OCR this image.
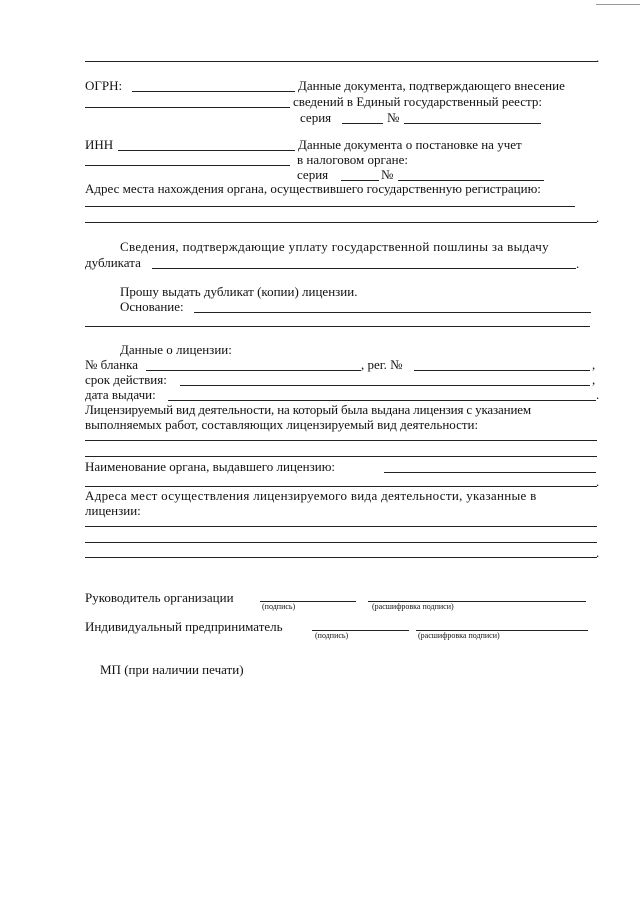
.
ОГРН:	Данные документа, подтверждающего внесение
сведений в Единый государственный реестр:
серия	№
ИНН	Данные документа о постановке на учет
в налоговом органе:
серия	№
Адрес места нахождения органа, осуществившего государственную регистрацию:
.
Сведения, подтверждающие уплату государственной пошлины за выдачу
дубликата	.
Прошу выдать дубликат (копии) лицензии.
Основание:
Данные о лицензии:
№ бланка	, рег. №	,
срок действия:	,
дата выдачи:	.
Лицензируемый вид деятельности, на который была выдана лицензия с указанием
выполняемых работ, составляющих лицензируемый вид деятельности:
Наименование органа, выдавшего лицензию:
.
Адреса мест осуществления лицензируемого вида деятельности, указанные в
лицензии:
.
Руководитель организации
(подпись)	(расшифровка подписи)
Индивидуальный предприниматель
(подпись)	(расшифровка подписи)
МП (при наличии печати)
